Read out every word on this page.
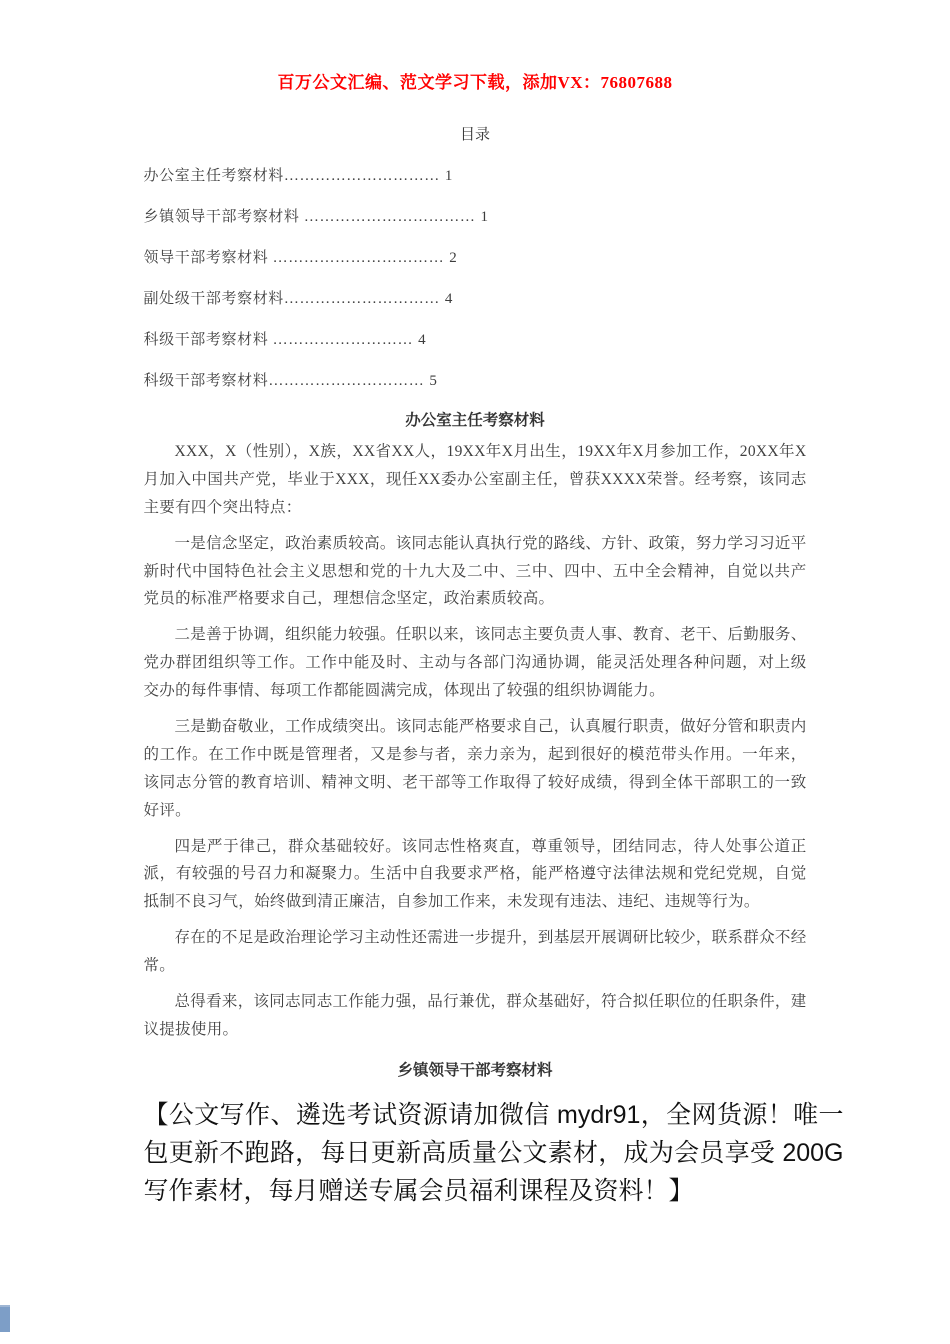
百万公文汇编、范文学习下载，添加VX：76807688
目录
办公室主任考察材料………………………… 1
乡镇领导干部考察材料 …………………………… 1
领导干部考察材料 …………………………… 2
副处级干部考察材料………………………… 4
科级干部考察材料 ……………………… 4
科级干部考察材料………………………… 5
办公室主任考察材料

XXX，X（性别），X族，XX省XX人，19XX年X月出生，19XX年X月参加工作，20XX年X月加入中国共产党，毕业于XXX，现任XX委办公室副主任，曾获XXXX荣誉。经考察，该同志主要有四个突出特点：

一是信念坚定，政治素质较高。该同志能认真执行党的路线、方针、政策，努力学习习近平新时代中国特色社会主义思想和党的十九大及二中、三中、四中、五中全会精神，自觉以共产党员的标准严格要求自己，理想信念坚定，政治素质较高。

二是善于协调，组织能力较强。任职以来，该同志主要负责人事、教育、老干、后勤服务、党办群团组织等工作。工作中能及时、主动与各部门沟通协调，能灵活处理各种问题，对上级交办的每件事情、每项工作都能圆满完成，体现出了较强的组织协调能力。

三是勤奋敬业，工作成绩突出。该同志能严格要求自己，认真履行职责，做好分管和职责内的工作。在工作中既是管理者，又是参与者，亲力亲为，起到很好的模范带头作用。一年来，该同志分管的教育培训、精神文明、老干部等工作取得了较好成绩，得到全体干部职工的一致好评。

四是严于律己，群众基础较好。该同志性格爽直，尊重领导，团结同志，待人处事公道正派，有较强的号召力和凝聚力。生活中自我要求严格，能严格遵守法律法规和党纪党规，自觉抵制不良习气，始终做到清正廉洁，自参加工作来，未发现有违法、违纪、违规等行为。

存在的不足是政治理论学习主动性还需进一步提升，到基层开展调研比较少，联系群众不经常。

总得看来，该同志同志工作能力强，品行兼优，群众基础好，符合拟任职位的任职条件，建议提拔使用。

乡镇领导干部考察材料
【公文写作、遴选考试资源请加微信 mydr91，全网货源！唯一包更新不跑路，每日更新高质量公文素材，成为会员享受 200G 写作素材，每月赠送专属会员福利课程及资料！】
